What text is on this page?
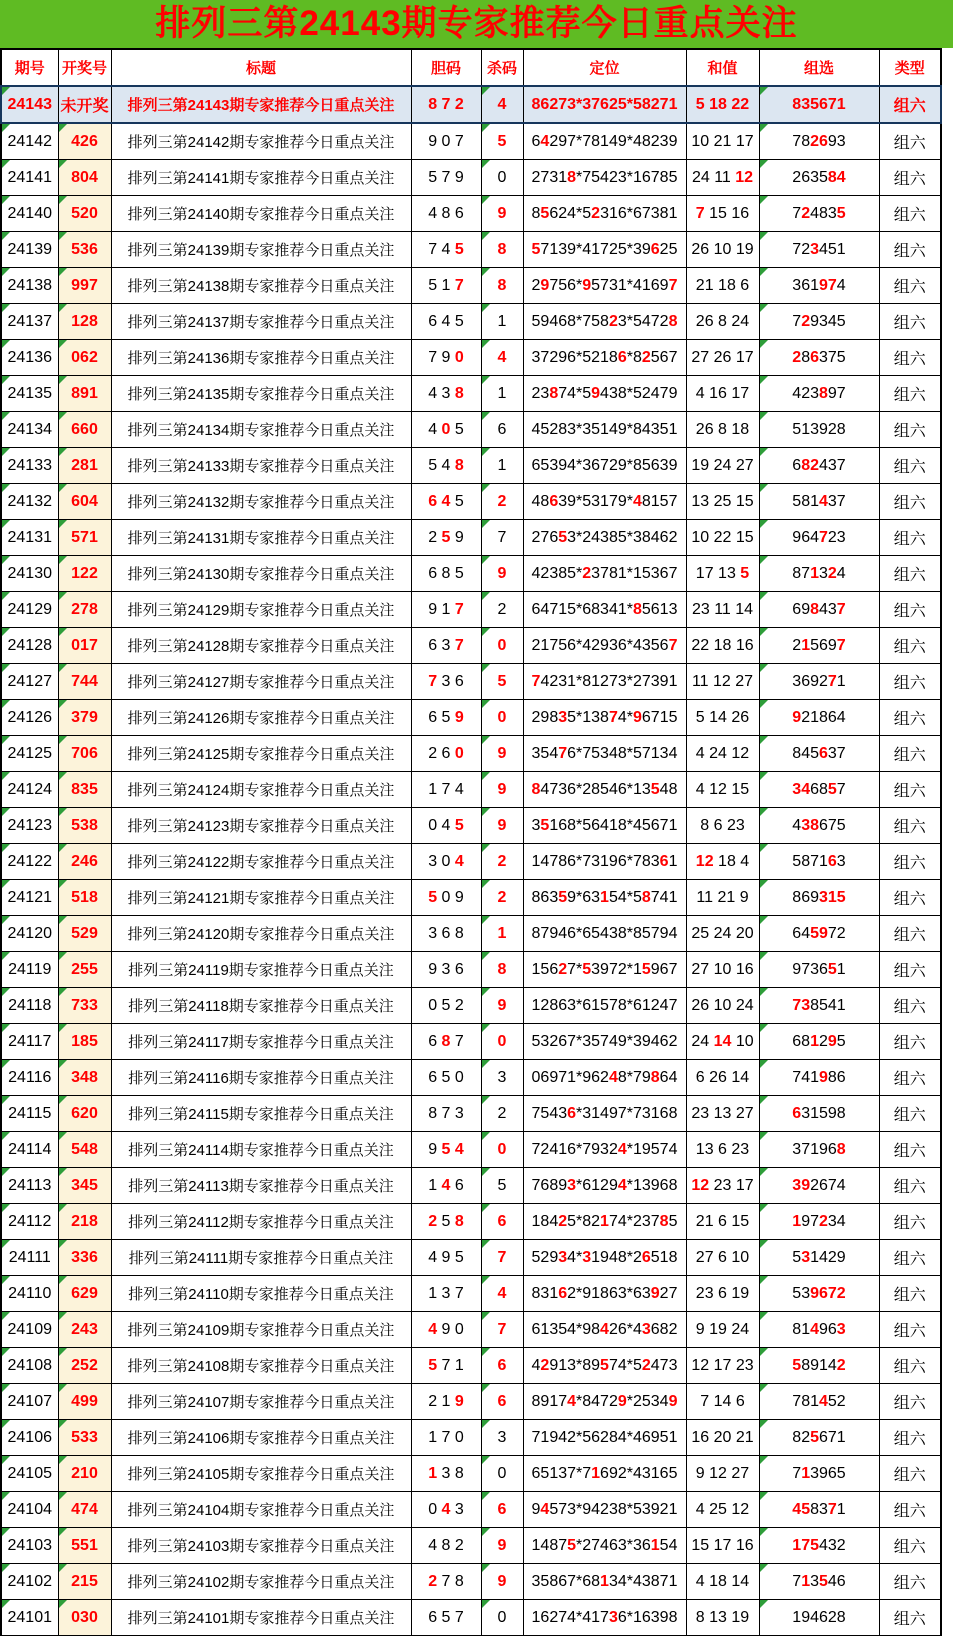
排列三第24143期专家推荐今日重点关注
期号	开奖号	标题	胆码	杀码	定位	和值	组选	类型

24143	未开奖	排列三第24143期专家推荐今日重点关注	8 7 2	4	86273*37625*58271	5 18 22	835671	组六

24142	426	排列三第24142期专家推荐今日重点关注	9 0 7	5	64297*78149*48239	10 21 17	782693	组六

24141	804	排列三第24141期专家推荐今日重点关注	5 7 9	0	27318*75423*16785	24 11 12	263584	组六

24140	520	排列三第24140期专家推荐今日重点关注	4 8 6	9	85624*52316*67381	7 15 16	724835	组六

24139	536	排列三第24139期专家推荐今日重点关注	7 4 5	8	57139*41725*39625	26 10 19	723451	组六

24138	997	排列三第24138期专家推荐今日重点关注	5 1 7	8	29756*95731*41697	21 18 6	361974	组六

24137	128	排列三第24137期专家推荐今日重点关注	6 4 5	1	59468*75823*54728	26 8 24	729345	组六

24136	062	排列三第24136期专家推荐今日重点关注	7 9 0	4	37296*52186*82567	27 26 17	286375	组六

24135	891	排列三第24135期专家推荐今日重点关注	4 3 8	1	23874*59438*52479	4 16 17	423897	组六

24134	660	排列三第24134期专家推荐今日重点关注	4 0 5	6	45283*35149*84351	26 8 18	513928	组六

24133	281	排列三第24133期专家推荐今日重点关注	5 4 8	1	65394*36729*85639	19 24 27	682437	组六

24132	604	排列三第24132期专家推荐今日重点关注	6 4 5	2	48639*53179*48157	13 25 15	581437	组六

24131	571	排列三第24131期专家推荐今日重点关注	2 5 9	7	27653*24385*38462	10 22 15	964723	组六

24130	122	排列三第24130期专家推荐今日重点关注	6 8 5	9	42385*23781*15367	17 13 5	871324	组六

24129	278	排列三第24129期专家推荐今日重点关注	9 1 7	2	64715*68341*85613	23 11 14	698437	组六

24128	017	排列三第24128期专家推荐今日重点关注	6 3 7	0	21756*42936*43567	22 18 16	215697	组六

24127	744	排列三第24127期专家推荐今日重点关注	7 3 6	5	74231*81273*27391	11 12 27	369271	组六

24126	379	排列三第24126期专家推荐今日重点关注	6 5 9	0	29835*13874*96715	5 14 26	921864	组六

24125	706	排列三第24125期专家推荐今日重点关注	2 6 0	9	35476*75348*57134	4 24 12	845637	组六

24124	835	排列三第24124期专家推荐今日重点关注	1 7 4	9	84736*28546*13548	4 12 15	346857	组六

24123	538	排列三第24123期专家推荐今日重点关注	0 4 5	9	35168*56418*45671	8 6 23	438675	组六

24122	246	排列三第24122期专家推荐今日重点关注	3 0 4	2	14786*73196*78361	12 18 4	587163	组六

24121	518	排列三第24121期专家推荐今日重点关注	5 0 9	2	86359*63154*58741	11 21 9	869315	组六

24120	529	排列三第24120期专家推荐今日重点关注	3 6 8	1	87946*65438*85794	25 24 20	645972	组六

24119	255	排列三第24119期专家推荐今日重点关注	9 3 6	8	15627*53972*15967	27 10 16	973651	组六

24118	733	排列三第24118期专家推荐今日重点关注	0 5 2	9	12863*61578*61247	26 10 24	738541	组六

24117	185	排列三第24117期专家推荐今日重点关注	6 8 7	0	53267*35749*39462	24 14 10	681295	组六

24116	348	排列三第24116期专家推荐今日重点关注	6 5 0	3	06971*96248*79864	6 26 14	741986	组六

24115	620	排列三第24115期专家推荐今日重点关注	8 7 3	2	75436*31497*73168	23 13 27	631598	组六

24114	548	排列三第24114期专家推荐今日重点关注	9 5 4	0	72416*79324*19574	13 6 23	371968	组六

24113	345	排列三第24113期专家推荐今日重点关注	1 4 6	5	76893*61294*13968	12 23 17	392674	组六

24112	218	排列三第24112期专家推荐今日重点关注	2 5 8	6	18425*82174*23785	21 6 15	197234	组六

24111	336	排列三第24111期专家推荐今日重点关注	4 9 5	7	52934*31948*26518	27 6 10	531429	组六

24110	629	排列三第24110期专家推荐今日重点关注	1 3 7	4	83162*91863*63927	23 6 19	539672	组六

24109	243	排列三第24109期专家推荐今日重点关注	4 9 0	7	61354*98426*43682	9 19 24	814963	组六

24108	252	排列三第24108期专家推荐今日重点关注	5 7 1	6	42913*89574*52473	12 17 23	589142	组六

24107	499	排列三第24107期专家推荐今日重点关注	2 1 9	6	89174*84729*25349	7 14 6	781452	组六

24106	533	排列三第24106期专家推荐今日重点关注	1 7 0	3	71942*56284*46951	16 20 21	825671	组六

24105	210	排列三第24105期专家推荐今日重点关注	1 3 8	0	65137*71692*43165	9 12 27	713965	组六

24104	474	排列三第24104期专家推荐今日重点关注	0 4 3	6	94573*94238*53921	4 25 12	458371	组六

24103	551	排列三第24103期专家推荐今日重点关注	4 8 2	9	14875*27463*36154	15 17 16	175432	组六

24102	215	排列三第24102期专家推荐今日重点关注	2 7 8	9	35867*68134*43871	4 18 14	713546	组六

24101	030	排列三第24101期专家推荐今日重点关注	6 5 7	0	16274*41736*16398	8 13 19	194628	组六
